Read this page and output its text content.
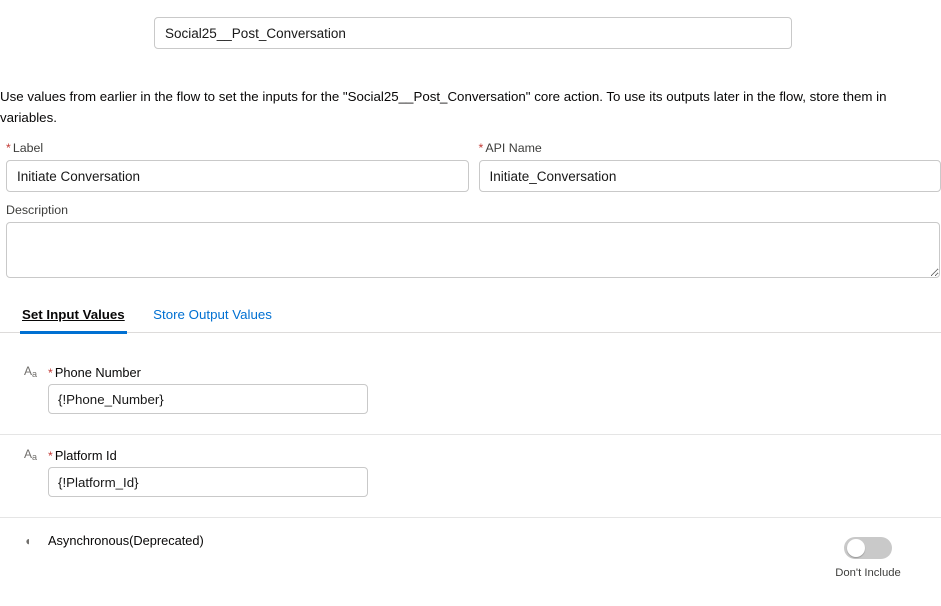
Social25__Post_Conversation
Use values from earlier in the flow to set the inputs for the "Social25__Post_Conversation" core action. To use its outputs later in the flow, store them in variables.
* Label
Initiate Conversation	* API Name
Initiate_Conversation
Description
Set Input Values Store Output Values
Aa * Phone Number
{!Phone_Number}
Aa * Platform Id
{!Platform_Id}
◖	Asynchronous(Deprecated)
Don't Include
